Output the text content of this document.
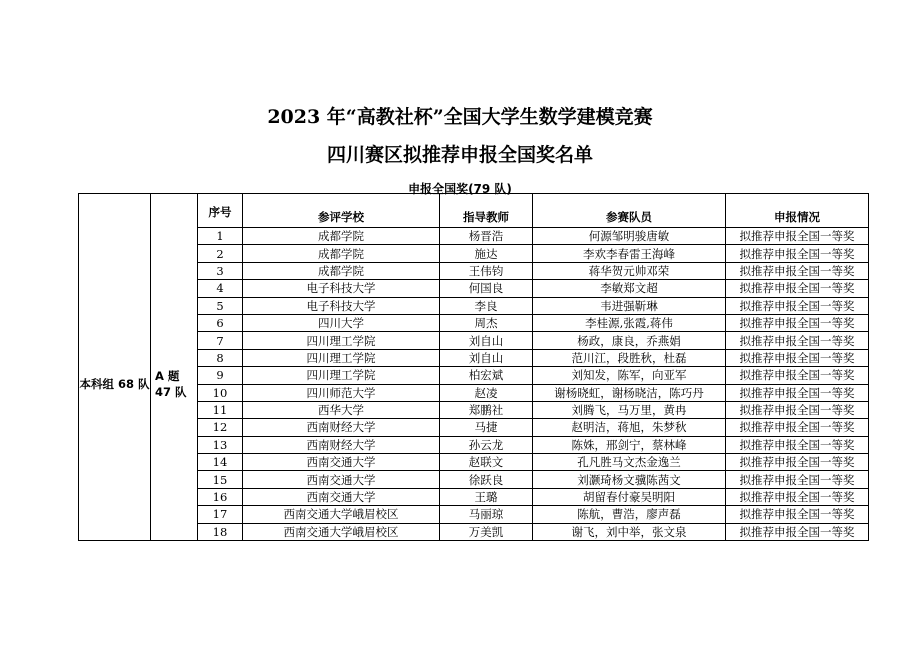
2023 年“高教社杯”全国大学生数学建模竞赛
四川赛区拟推荐申报全国奖名单
申报全国奖(79 队)
		序号	参评学校	指导教师	参赛队员	申报情况
本科组 68 队	A 题 47 队	1	成都学院	杨晋浩	何源邹明骏唐敏	拟推荐申报全国一等奖
		2	成都学院	施达	李欢李春雷王海峰	拟推荐申报全国一等奖
		3	成都学院	王伟钧	蒋华贺元帅邓荣	拟推荐申报全国一等奖
		4	电子科技大学	何国良	李敏郑文超	拟推荐申报全国一等奖
		5	电子科技大学	李良	韦进强靳琳	拟推荐申报全国一等奖
		6	四川大学	周杰	李桂源,张霞,蒋伟	拟推荐申报全国一等奖
		7	四川理工学院	刘自山	杨政，康良，乔燕娟	拟推荐申报全国一等奖
		8	四川理工学院	刘自山	范川江，段胜秋，杜磊	拟推荐申报全国一等奖
		9	四川理工学院	柏宏斌	刘知发，陈军，向亚军	拟推荐申报全国一等奖
		10	四川师范大学	赵凌	谢杨晓虹，谢杨晓洁，陈巧丹	拟推荐申报全国一等奖
		11	西华大学	郑鹏社	刘腾飞，马万里，黄冉	拟推荐申报全国一等奖
		12	西南财经大学	马捷	赵明洁，蒋旭，朱梦秋	拟推荐申报全国一等奖
		13	西南财经大学	孙云龙	陈姝，邢剑宁，蔡林峰	拟推荐申报全国一等奖
		14	西南交通大学	赵联文	孔凡胜马文杰金逸兰	拟推荐申报全国一等奖
		15	西南交通大学	徐跃良	刘灏琦杨文骥陈茜文	拟推荐申报全国一等奖
		16	西南交通大学	王璐	胡留春付豪吴明阳	拟推荐申报全国一等奖
		17	西南交通大学峨眉校区	马丽琼	陈航，曹浩，廖声磊	拟推荐申报全国一等奖
		18	西南交通大学峨眉校区	万美凯	谢飞，刘中举，张文泉	拟推荐申报全国一等奖
